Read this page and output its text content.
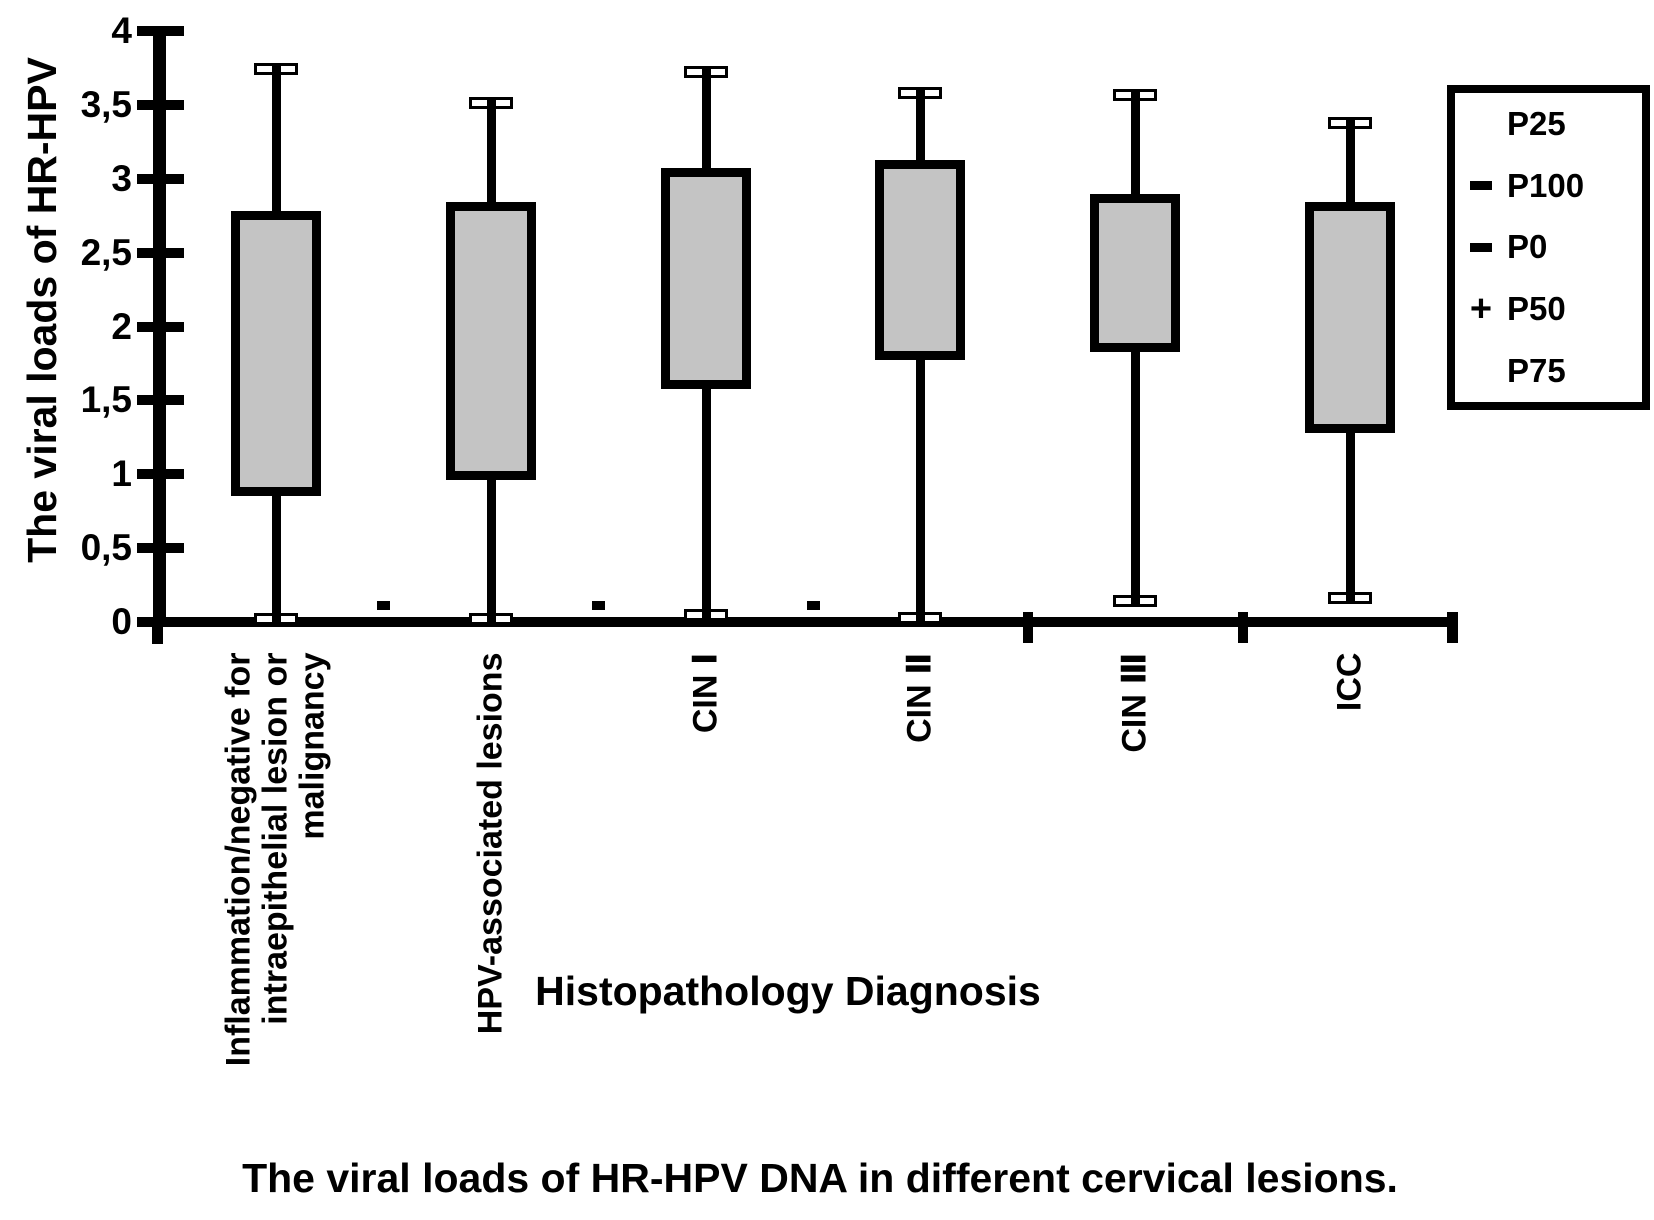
The viral loads of HR-HPV
4
3,5
3
2,5
2
1,5
1
0,5
0
Inflammation/negative for intraepithelial lesion or malignancy	HPV-associated lesions	CIN Ⅰ	CIN Ⅱ	CIN Ⅲ	ICC
Histopathology Diagnosis
P25
P100
P0
+ P50
P75
The viral loads of HR-HPV DNA in different cervical lesions.
